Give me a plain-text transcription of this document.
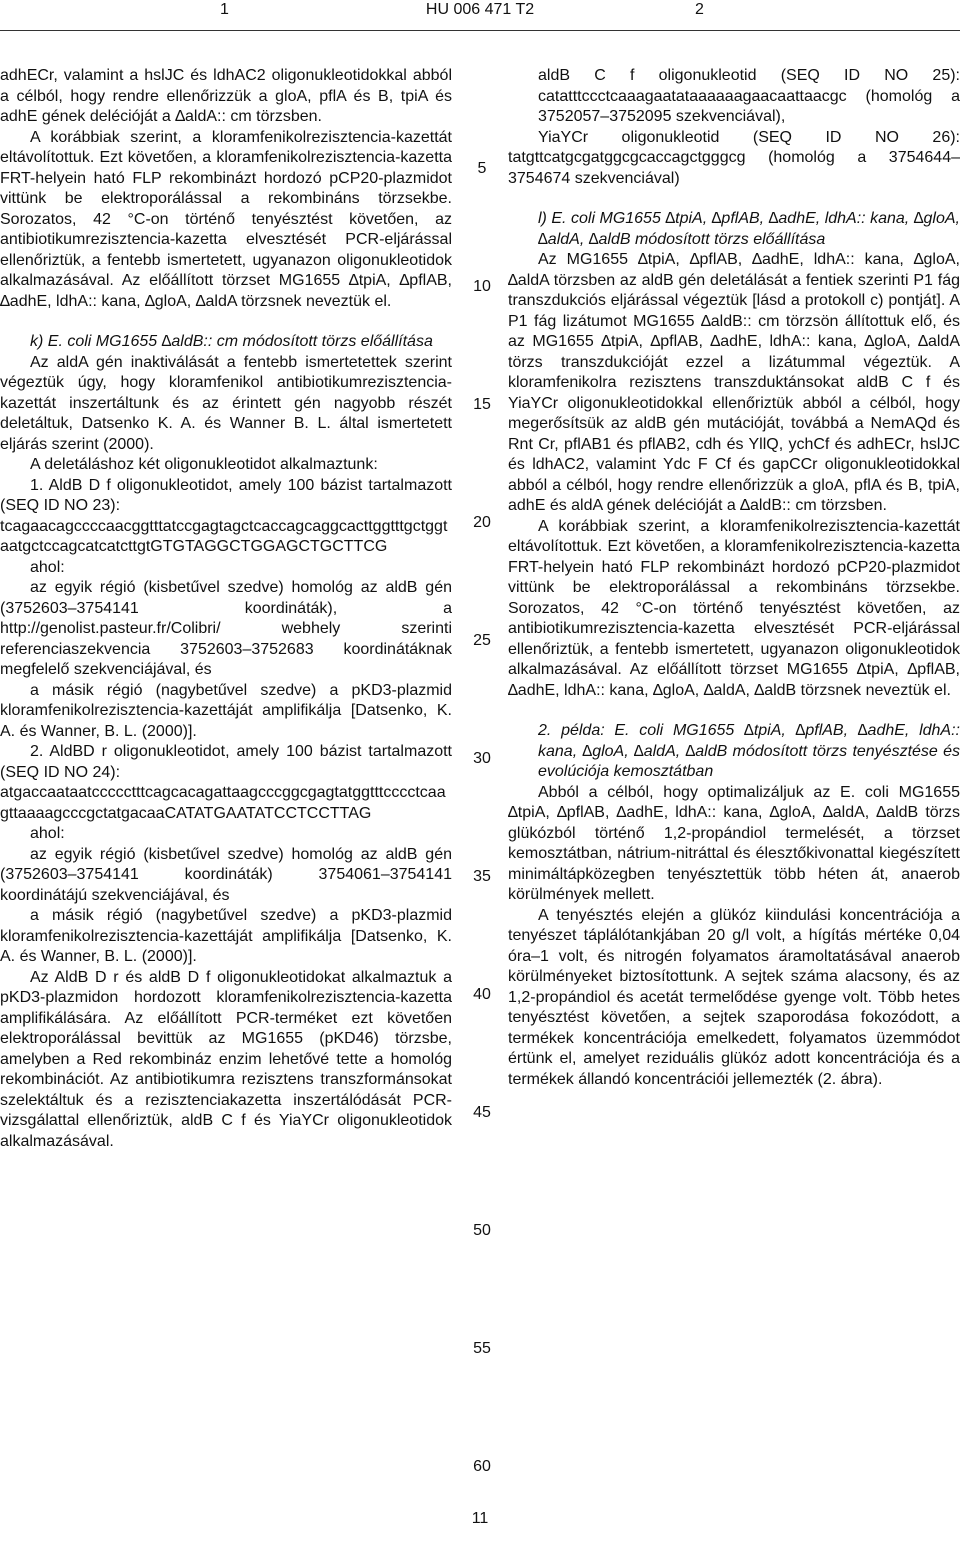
1	HU 006 471 T2	2

adhECr, valamint a hslJC és ldhAC2 oligonukleotidokkal abból a célból, hogy rendre ellenőrizzük a gloA, pflA és B, tpiA és adhE gének delécióját a ∆aldA:: cm törzsben.

A korábbiak szerint, a kloramfenikolrezisztencia-kazettát eltávolítottuk. Ezt követően, a kloramfenikolrezisztencia-kazetta FRT-helyein ható FLP rekombinázt hordozó pCP20-plazmidot vittünk be elektroporálással a rekombináns törzsekbe. Sorozatos, 42 °C-on történő tenyésztést követően, az antibiotikumrezisztencia-kazetta elvesztését PCR-eljárással ellenőriztük, a fentebb ismertetett, ugyanazon oligonukleotidok alkalmazásával. Az előállított törzset MG1655 ∆tpiA, ∆pflAB, ∆adhE, ldhA:: kana, ∆gloA, ∆aldA törzsnek neveztük el.

k) E. coli MG1655 ∆aldB:: cm módosított törzs előállítása

Az aldA gén inaktiválását a fentebb ismertetettek szerint végeztük úgy, hogy kloramfenikol antibiotikumrezisztencia-kazettát inszertáltunk és az érintett gén nagyobb részét deletáltuk, Datsenko K. A. és Wanner B. L. által ismertetett eljárás szerint (2000).

A deletáláshoz két oligonukleotidot alkalmaztunk:

1. AldB D f oligonukleotidot, amely 100 bázist tartalmazott (SEQ ID NO 23):

tcagaacagccccaacggtttatccgagtagctcaccagcaggcacttggtttgctggtaatgctccagcatcatcttgtGTGTAGGCTGGAGCTGCTTCG

ahol:

az egyik régió (kisbetűvel szedve) homológ az aldB gén (3752603–3754141 koordináták), a http://genolist.pasteur.fr/Colibri/ webhely szerinti referenciaszekvencia 3752603–3752683 koordinátáknak megfelelő szekvenciájával, és

a másik régió (nagybetűvel szedve) a pKD3-plazmid kloramfenikolrezisztencia-kazettáját amplifikálja [Datsenko, K. A. és Wanner, B. L. (2000)].

2. AldBD r oligonukleotidot, amely 100 bázist tartalmazott (SEQ ID NO 24):

atgaccaataatccccctttcagcacagattaagcccggcgagtatggtttcccctcaagttaaaagcccgctatgacaaCATATGAATATCCTCCTTAG

ahol:

az egyik régió (kisbetűvel szedve) homológ az aldB gén (3752603–3754141 koordináták) 3754061–3754141 koordinátájú szekvenciájával, és

a másik régió (nagybetűvel szedve) a pKD3-plazmid kloramfenikolrezisztencia-kazettáját amplifikálja [Datsenko, K. A. és Wanner, B. L. (2000)].

Az AldB D r és aldB D f oligonukleotidokat alkalmaztuk a pKD3-plazmidon hordozott kloramfenikolrezisztencia-kazetta amplifikálására. Az előállított PCR-terméket ezt követően elektroporálással bevittük az MG1655 (pKD46) törzsbe, amelyben a Red rekombináz enzim lehetővé tette a homológ rekombinációt. Az antibiotikumra rezisztens transzformánsokat szelektáltuk és a rezisztenciakazetta inszertálódását PCR-vizsgálattal ellenőriztük, aldB C f és YiaYCr oligonukleotidok alkalmazásával.

5
10
15
20
25
30
35
40
45
50
55
60

aldB C f oligonukleotid (SEQ ID NO 25): catatttccctcaaagaatataaaaaagaacaattaacgc (homológ a 3752057–3752095 szekvenciával),

YiaYCr oligonukleotid (SEQ ID NO 26): tatgttcatgcgatggcgcaccagctgggcg (homológ a 3754644–3754674 szekvenciával)

l) E. coli MG1655 ∆tpiA, ∆pflAB, ∆adhE, ldhA:: kana, ∆gloA, ∆aldA, ∆aldB módosított törzs előállítása

Az MG1655 ∆tpiA, ∆pflAB, ∆adhE, ldhA:: kana, ∆gloA, ∆aldA törzsben az aldB gén deletálását a fentiek szerinti P1 fág transzdukciós eljárással végeztük [lásd a protokoll c) pontját]. A P1 fág lizátumot MG1655 ∆aldB:: cm törzsön állítottuk elő, és az MG1655 ∆tpiA, ∆pflAB, ∆adhE, ldhA:: kana, ∆gloA, ∆aldA törzs transzdukcióját ezzel a lizátummal végeztük. A kloramfenikolra rezisztens transzduktánsokat aldB C f és YiaYCr oligonukleotidokkal ellenőriztük abból a célból, hogy megerősítsük az aldB gén mutációját, továbbá a NemAQd és Rnt Cr, pflAB1 és pflAB2, cdh és YllQ, ychCf és adhECr, hslJC és ldhAC2, valamint Ydc F Cf és gapCCr oligonukleotidokkal abból a célból, hogy rendre ellenőrizzük a gloA, pflA és B, tpiA, adhE és aldA gének delécióját a ∆aldB:: cm törzsben.

A korábbiak szerint, a kloramfenikolrezisztencia-kazettát eltávolítottuk. Ezt követően, a kloramfenikolrezisztencia-kazetta FRT-helyein ható FLP rekombinázt hordozó pCP20-plazmidot vittünk be elektroporálással a rekombináns törzsekbe. Sorozatos, 42 °C-on történő tenyésztést követően, az antibiotikumrezisztencia-kazetta elvesztését PCR-eljárással ellenőriztük, a fentebb ismertetett, ugyanazon oligonukleotidok alkalmazásával. Az előállított törzset MG1655 ∆tpiA, ∆pflAB, ∆adhE, ldhA:: kana, ∆gloA, ∆aldA, ∆aldB törzsnek neveztük el.

2. példa: E. coli MG1655 ∆tpiA, ∆pflAB, ∆adhE, ldhA:: kana, ∆gloA, ∆aldA, ∆aldB módosított törzs tenyésztése és evolúciója kemosztátban

Abból a célból, hogy optimalizáljuk az E. coli MG1655 ∆tpiA, ∆pflAB, ∆adhE, ldhA:: kana, ∆gloA, ∆aldA, ∆aldB törzs glükózból történő 1,2-propándiol termelését, a törzset kemosztátban, nátrium-nitráttal és élesztőkivonattal kiegészített minimáltápközegben tenyésztettük több héten át, anaerob körülmények mellett.

A tenyésztés elején a glükóz kiindulási koncentrációja a tenyészet táplálótankjában 20 g/l volt, a hígítás mértéke 0,04 óra–1 volt, és nitrogén folyamatos áramoltatásával anaerob körülményeket biztosítottunk. A sejtek száma alacsony, és az 1,2-propándiol és acetát termelődése gyenge volt. Több hetes tenyésztést követően, a sejtek szaporodása fokozódott, a termékek koncentrációja emelkedett, folyamatos üzemmódot értünk el, amelyet reziduális glükóz adott koncentrációja és a termékek állandó koncentrációi jellemezték (2. ábra).

11
